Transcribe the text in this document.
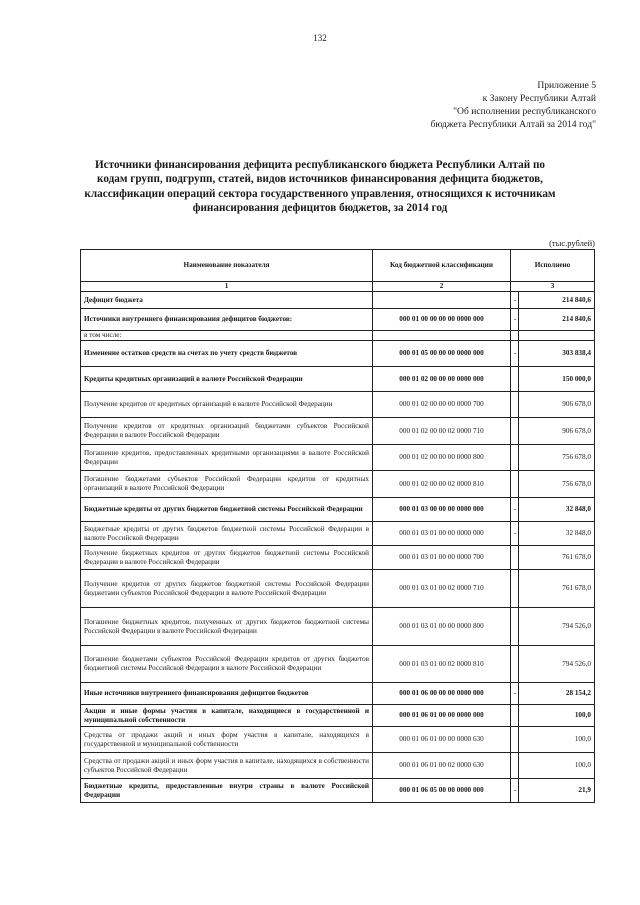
132
Приложение 5
к Закону Республики Алтай
"Об исполнении республиканского
бюджета Республики Алтай за 2014 год"
Источники финансирования дефицита республиканского бюджета Республики Алтай по кодам групп, подгрупп, статей, видов источников финансирования дефицита бюджетов, классификации операций сектора государственного управления, относящихся к источникам финансирования дефицитов бюджетов, за 2014 год
(тыс.рублей)
Наименование показателя	Код бюджетной классификации	Исполнено	
1	2	3	
Дефицит бюджета		-	214 840,6
Источники внутреннего финансирования дефицитов бюджетов:	000 01 00 00 00 00 0000 000	-	214 840,6
в том числе:			
Изменение остатков средств на счетах по учету средств бюджетов	000 01 05 00 00 00 0000 000	-	303 838,4
Кредиты кредитных организаций в валюте Российской Федерации	000 01 02 00 00 00 0000 000		150 000,0
Получение кредитов от кредитных организаций в валюте Российской Федерации	000 01 02 00 00 00 0000 700		906 678,0
Получение кредитов от кредитных организаций бюджетами субъектов Российской Федерации в валюте Российской Федерации	000 01 02 00 00 02 0000 710		906 678,0
Погашение кредитов, предоставленных кредитными организациями в валюте Российской Федерации	000 01 02 00 00 00 0000 800		756 678,0
Погашение бюджетами субъектов Российской Федерации кредитов от кредитных организаций в валюте Российской Федерации	000 01 02 00 00 02 0000 810		756 678,0
Бюджетные кредиты от других бюджетов бюджетной системы Российской Федерации	000 01 03 00 00 00 0000 000	-	32 848,0
Бюджетные кредиты от других бюджетов бюджетной системы Российской Федерации в валюте Российской Федерации	000 01 03 01 00 00 0000 000	-	32 848,0
Получение бюджетных кредитов от других бюджетов бюджетной системы Российской Федерации в валюте Российской Федерации	000 01 03 01 00 00 0000 700		761 678,0
Получение кредитов от других бюджетов бюджетной системы Российской Федерации бюджетами субъектов Российской Федерации в валюте Российской Федерации	000 01 03 01 00 02 0000 710		761 678,0
Погашение бюджетных кредитов, полученных от других бюджетов бюджетной системы Российской Федерации в валюте Российской Федерации	000 01 03 01 00 00 0000 800		794 526,0
Погашение бюджетами субъектов Российской Федерации кредитов от других бюджетов бюджетной системы Российской Федерации в валюте Российской Федерации	000 01 03 01 00 02 0000 810		794 526,0
Иные источники внутреннего финансирования дефицитов бюджетов	000 01 06 00 00 00 0000 000	-	28 154,2
Акции и иные формы участия в капитале, находящиеся в государственной и муниципальной собственности	000 01 06 01 00 00 0000 000		100,0
Средства от продажи акций и иных форм участия в капитале, находящихся в государственной и муниципальной собственности	000 01 06 01 00 00 0000 630		100,0
Средства от продажи акций и иных форм участия в капитале, находящихся в собственности субъектов Российской Федерации	000 01 06 01 00 02 0000 630		100,0
Бюджетные кредиты, предоставленные внутри страны в валюте Российской Федерации	000 01 06 05 00 00 0000 000	-	21,9
